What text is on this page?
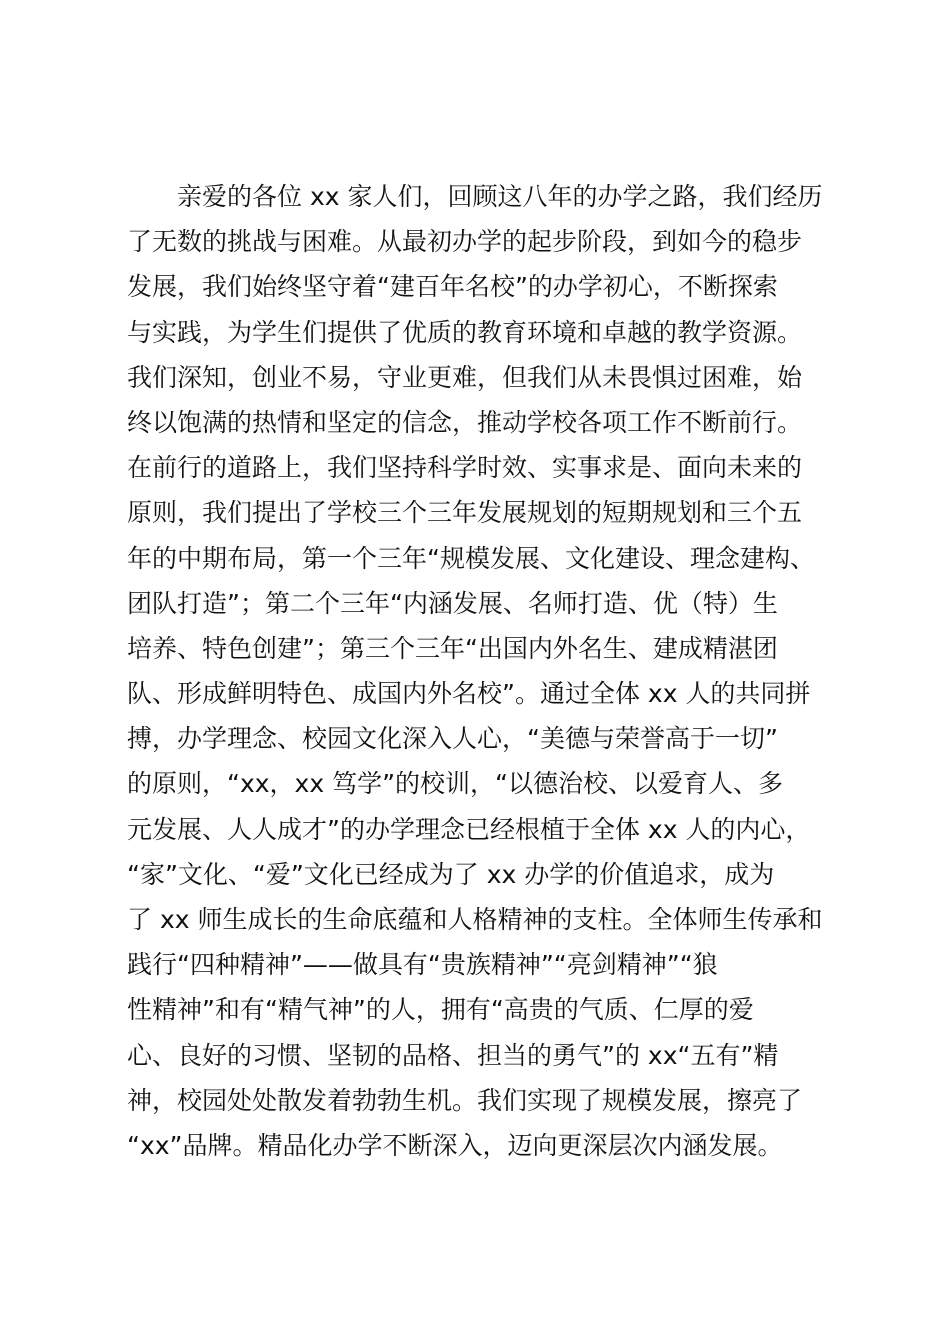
　　亲爱的各位 xx 家人们，回顾这八年的办学之路，我们经历
了无数的挑战与困难。从最初办学的起步阶段，到如今的稳步
发展，我们始终坚守着“建百年名校”的办学初心，不断探索
与实践，为学生们提供了优质的教育环境和卓越的教学资源。
我们深知，创业不易，守业更难，但我们从未畏惧过困难，始
终以饱满的热情和坚定的信念，推动学校各项工作不断前行。
在前行的道路上，我们坚持科学时效、实事求是、面向未来的
原则，我们提出了学校三个三年发展规划的短期规划和三个五
年的中期布局，第一个三年“规模发展、文化建设、理念建构、
团队打造”；第二个三年“内涵发展、名师打造、优（特）生
培养、特色创建”；第三个三年“出国内外名生、建成精湛团
队、形成鲜明特色、成国内外名校”。通过全体 xx 人的共同拼
搏，办学理念、校园文化深入人心，“美德与荣誉高于一切”
的原则，“xx，xx 笃学”的校训，“以德治校、以爱育人、多
元发展、人人成才”的办学理念已经根植于全体 xx 人的内心，
“家”文化、“爱”文化已经成为了 xx 办学的价值追求，成为
了 xx 师生成长的生命底蕴和人格精神的支柱。全体师生传承和
践行“四种精神”——做具有“贵族精神”“亮剑精神”“狼
性精神”和有“精气神”的人，拥有“高贵的气质、仁厚的爱
心、良好的习惯、坚韧的品格、担当的勇气”的 xx“五有”精
神，校园处处散发着勃勃生机。我们实现了规模发展，擦亮了
“xx”品牌。精品化办学不断深入，迈向更深层次内涵发展。
